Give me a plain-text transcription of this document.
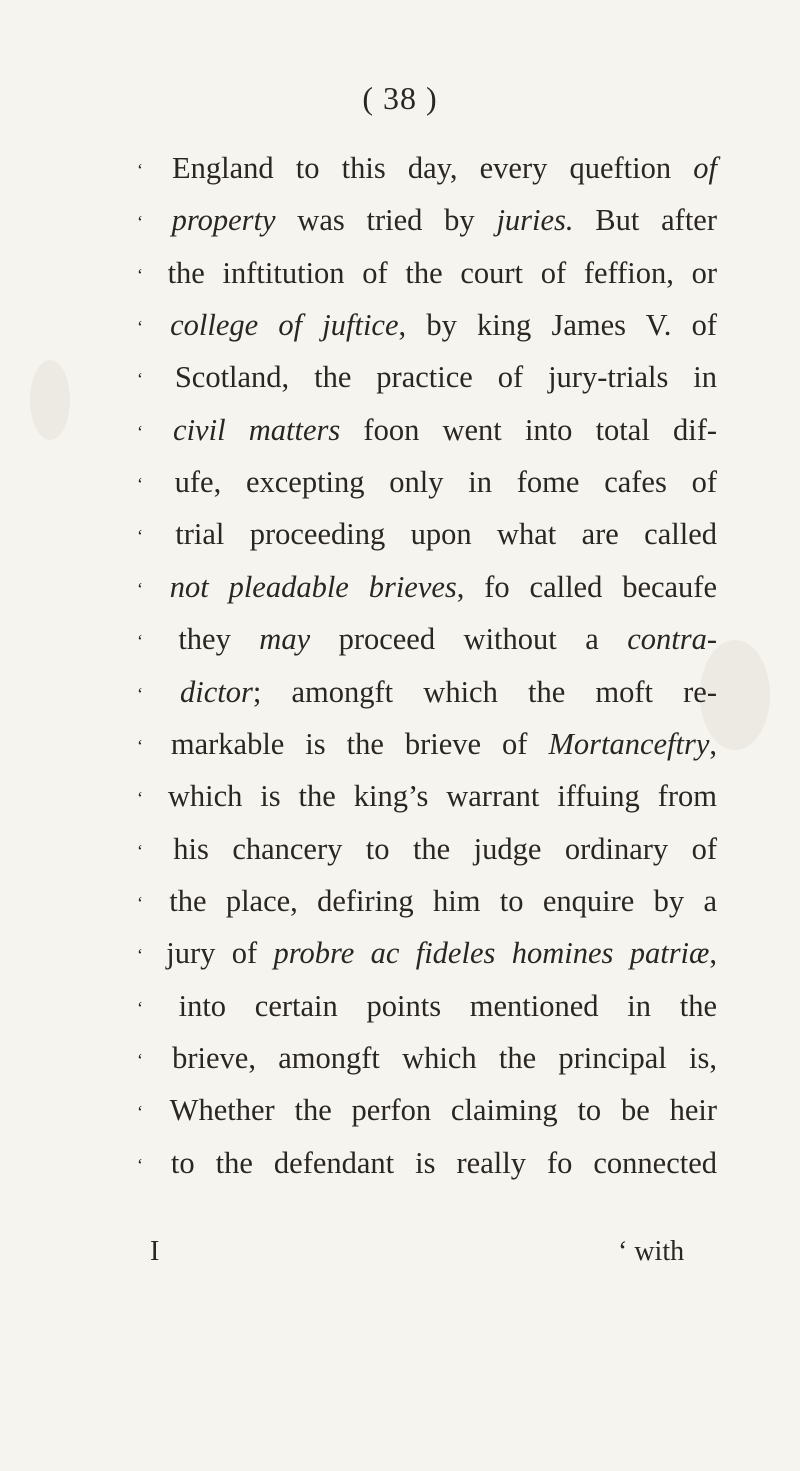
( 38 )
‘ England to this day, every queftion of
‘ property was tried by juries. But after
‘ the inftitution of the court of feffion, or
‘ college of juftice, by king James V. of
‘ Scotland, the practice of jury-trials in
‘ civil matters foon went into total dif-
‘ ufe, excepting only in fome cafes of
‘ trial proceeding upon what are called
‘ not pleadable brieves, fo called becaufe
‘ they may proceed without a contra-
‘ dictor; amongft which the moft re-
‘ markable is the brieve of Mortanceftry,
‘ which is the king’s warrant iffuing from
‘ his chancery to the judge ordinary of
‘ the place, defiring him to enquire by a
‘ jury of probre ac fideles homines patriæ,
‘ into certain points mentioned in the
‘ brieve, amongft which the principal is,
‘ Whether the perfon claiming to be heir
‘ to the defendant is really fo connected
I	‘ with
